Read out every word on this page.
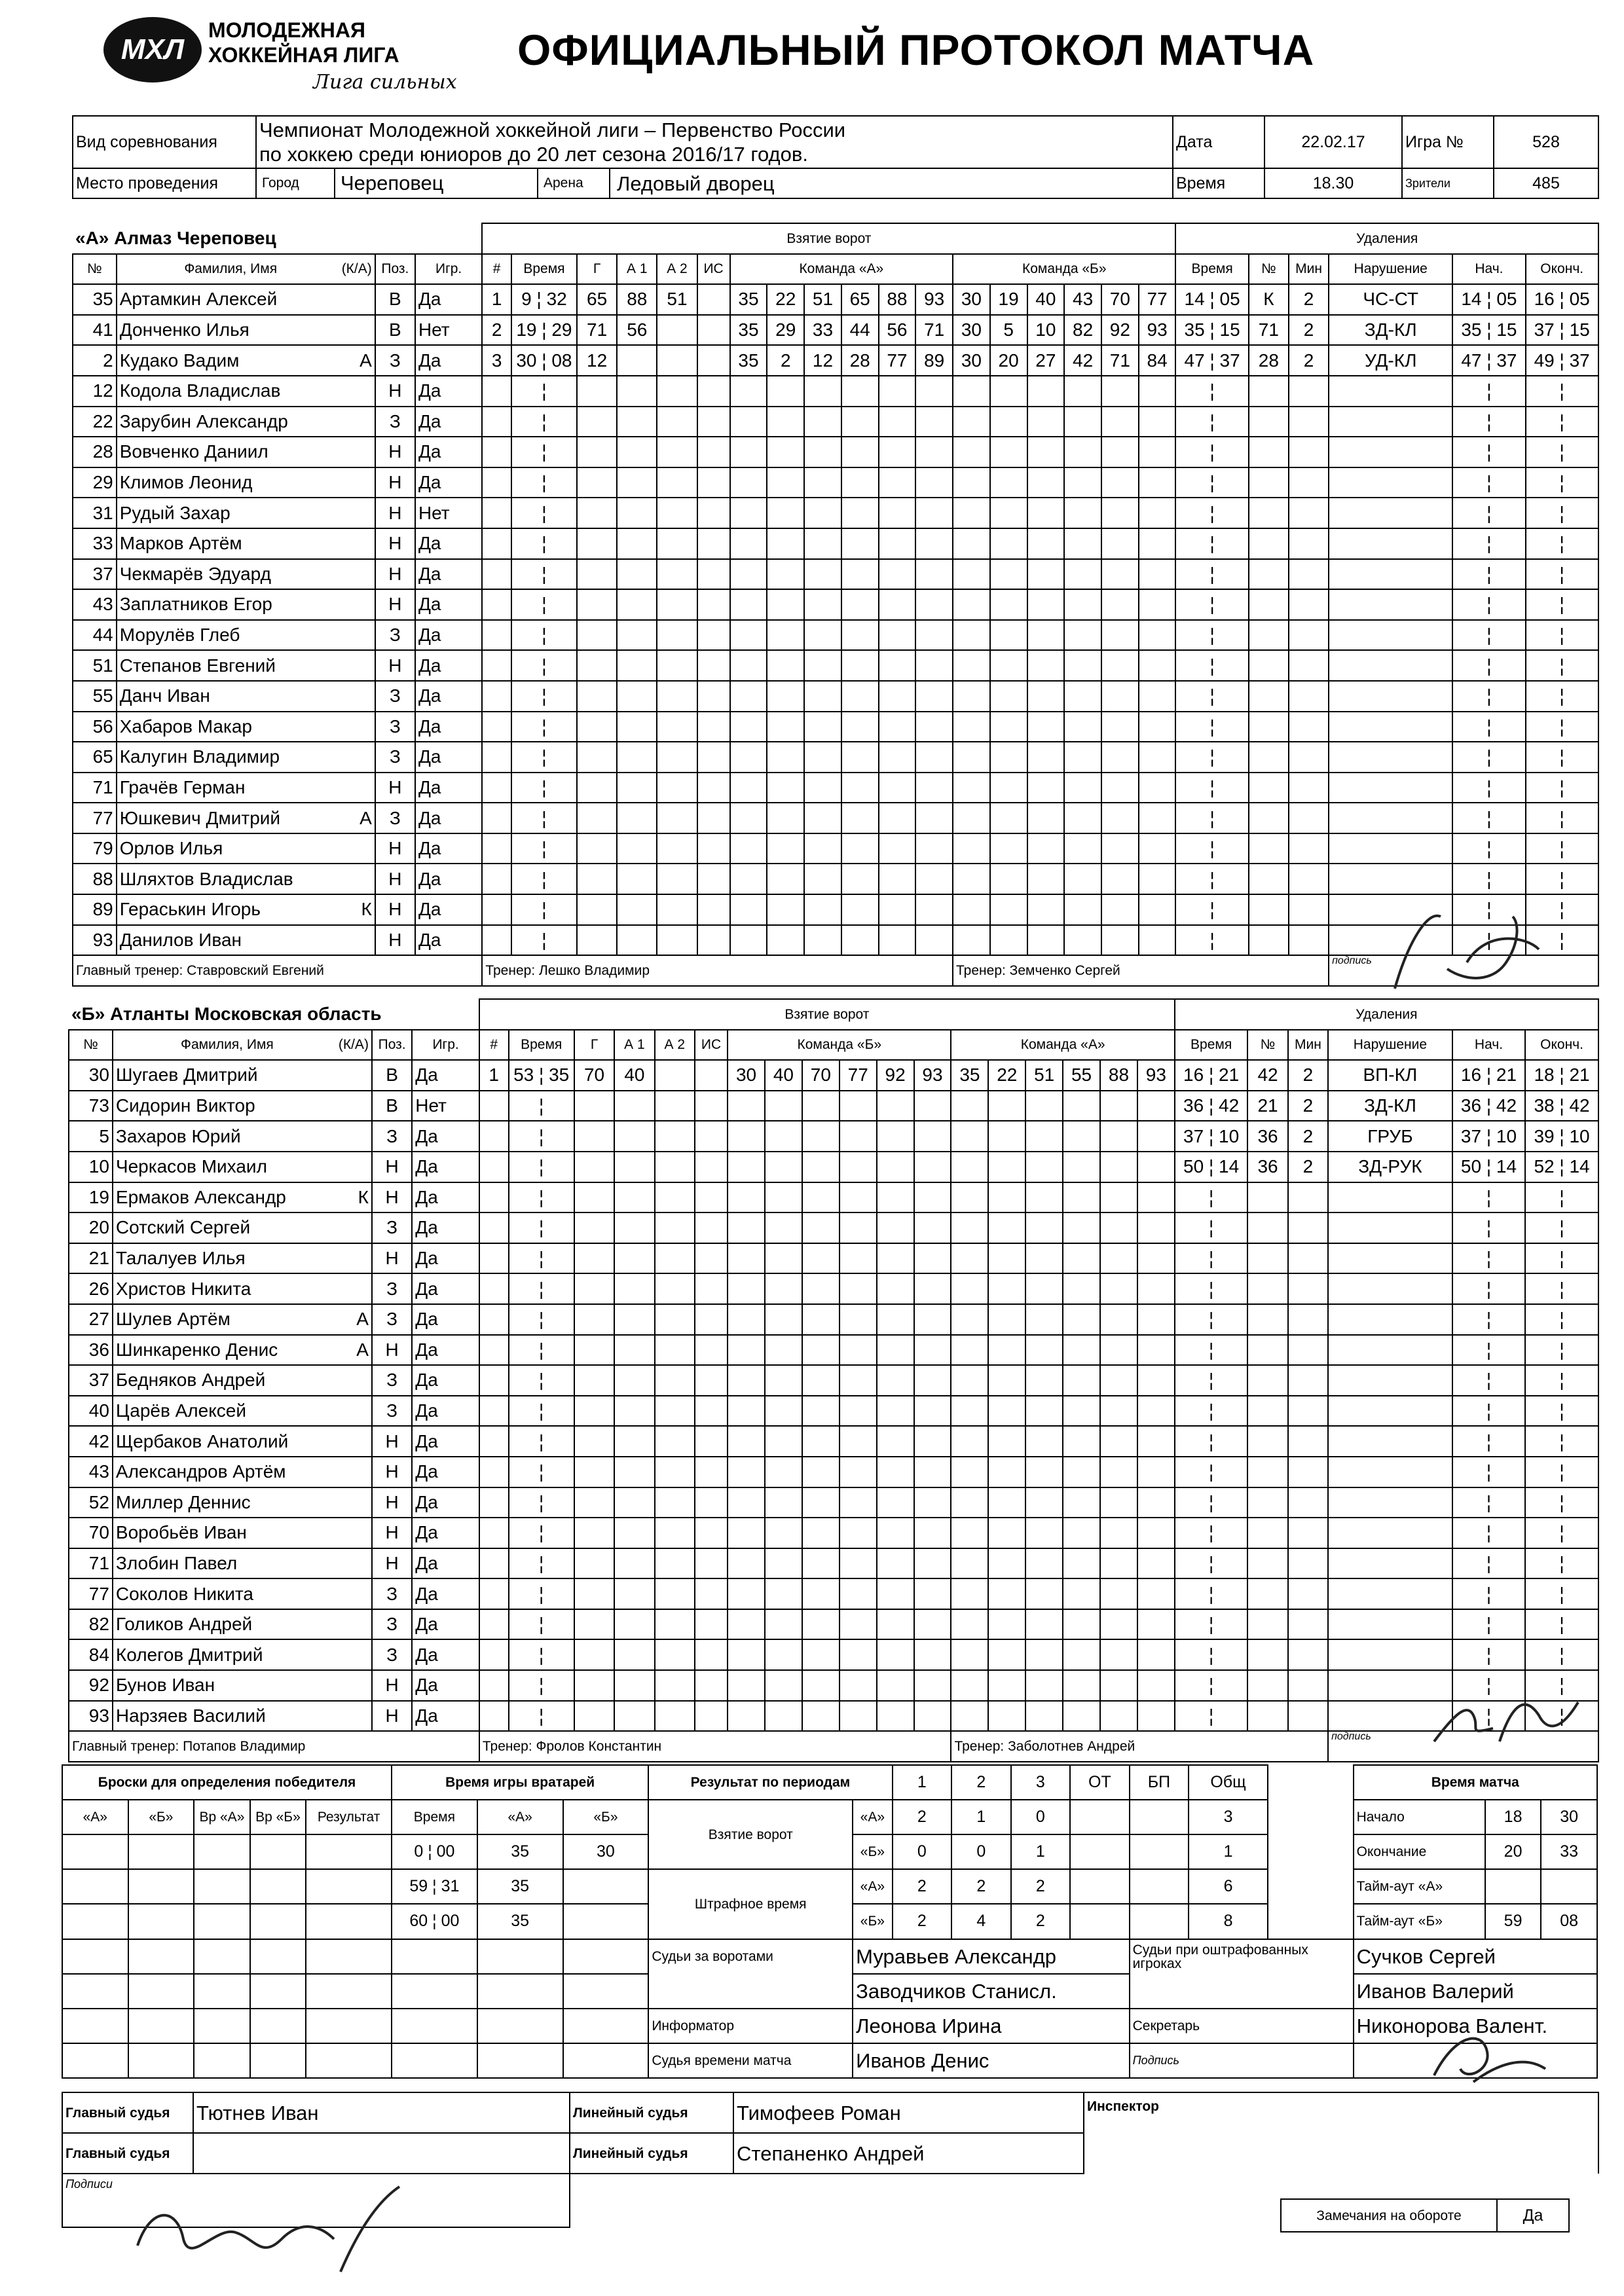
МХЛ
МОЛОДЕЖНАЯ
ХОККЕЙНАЯ ЛИГА
Лига сильных
ОФИЦИАЛЬНЫЙ ПРОТОКОЛ МАТЧА
Вид соревнования	Чемпионат Молодежной хоккейной лиги – Первенство России
по хоккею среди юниоров до 20 лет сезона 2016/17 годов.	Дата	22.02.17	Игра №	528
Место проведения	Город Череповец Арена Ледовый дворец	Время	18.30	Зрители	485
«А» Алмаз Череповец				Взятие ворот																		Удаления					
№	Фамилия, Имя (К/А)	Поз.	Игр.	#	Время	Г	А 1	А 2	ИС	Команда «А»						Команда «Б»						Время	№	Мин	Нарушение	Нач.	Оконч.
35	Артамкин Алексей	В	Да	1	9 ¦ 32	65	88	51		35	22	51	65	88	93	30	19	40	43	70	77	14 ¦ 05	К	2	ЧС-СТ	14 ¦ 05	16 ¦ 05
41	Донченко Илья	В	Нет	2	19 ¦ 29	71	56			35	29	33	44	56	71	30	5	10	82	92	93	35 ¦ 15	71	2	ЗД-КЛ	35 ¦ 15	37 ¦ 15
2	Кудако Вадим А	З	Да	3	30 ¦ 08	12				35	2	12	28	77	89	30	20	27	42	71	84	47 ¦ 37	28	2	УД-КЛ	47 ¦ 37	49 ¦ 37
12	Кодола Владислав	Н	Да		¦																	¦				¦	¦
22	Зарубин Александр	З	Да		¦																	¦				¦	¦
28	Вовченко Даниил	Н	Да		¦																	¦				¦	¦
29	Климов Леонид	Н	Да		¦																	¦				¦	¦
31	Рудый Захар	Н	Нет		¦																	¦				¦	¦
33	Марков Артём	Н	Да		¦																	¦				¦	¦
37	Чекмарёв Эдуард	Н	Да		¦																	¦				¦	¦
43	Заплатников Егор	Н	Да		¦																	¦				¦	¦
44	Морулёв Глеб	З	Да		¦																	¦				¦	¦
51	Степанов Евгений	Н	Да		¦																	¦				¦	¦
55	Данч Иван	З	Да		¦																	¦				¦	¦
56	Хабаров Макар	З	Да		¦																	¦				¦	¦
65	Калугин Владимир	З	Да		¦																	¦				¦	¦
71	Грачёв Герман	Н	Да		¦																	¦				¦	¦
77	Юшкевич Дмитрий А	З	Да		¦																	¦				¦	¦
79	Орлов Илья	Н	Да		¦																	¦				¦	¦
88	Шляхтов Владислав	Н	Да		¦																	¦				¦	¦
89	Гераськин Игорь К	Н	Да		¦																	¦				¦	¦
93	Данилов Иван	Н	Да		¦																	¦				¦	¦
Главный тренер: Ставровский Евгений				Тренер: Лешко Владимир												Тренер: Земченко Сергей									подпись		
«Б» Атланты Московская область				Взятие ворот																		Удаления					
№	Фамилия, Имя (К/А)	Поз.	Игр.	#	Время	Г	А 1	А 2	ИС	Команда «Б»						Команда «А»						Время	№	Мин	Нарушение	Нач.	Оконч.
30	Шугаев Дмитрий	В	Да	1	53 ¦ 35	70	40			30	40	70	77	92	93	35	22	51	55	88	93	16 ¦ 21	42	2	ВП-КЛ	16 ¦ 21	18 ¦ 21
73	Сидорин Виктор	В	Нет		¦																	36 ¦ 42	21	2	ЗД-КЛ	36 ¦ 42	38 ¦ 42
5	Захаров Юрий	З	Да		¦																	37 ¦ 10	36	2	ГРУБ	37 ¦ 10	39 ¦ 10
10	Черкасов Михаил	Н	Да		¦																	50 ¦ 14	36	2	ЗД-РУК	50 ¦ 14	52 ¦ 14
19	Ермаков Александр К	Н	Да		¦																	¦				¦	¦
20	Сотский Сергей	З	Да		¦																	¦				¦	¦
21	Талалуев Илья	Н	Да		¦																	¦				¦	¦
26	Христов Никита	З	Да		¦																	¦				¦	¦
27	Шулев Артём А	З	Да		¦																	¦				¦	¦
36	Шинкаренко Денис А	Н	Да		¦																	¦				¦	¦
37	Бедняков Андрей	З	Да		¦																	¦				¦	¦
40	Царёв Алексей	З	Да		¦																	¦				¦	¦
42	Щербаков Анатолий	Н	Да		¦																	¦				¦	¦
43	Александров Артём	Н	Да		¦																	¦				¦	¦
52	Миллер Деннис	Н	Да		¦																	¦				¦	¦
70	Воробьёв Иван	Н	Да		¦																	¦				¦	¦
71	Злобин Павел	Н	Да		¦																	¦				¦	¦
77	Соколов Никита	З	Да		¦																	¦				¦	¦
82	Голиков Андрей	З	Да		¦																	¦				¦	¦
84	Колегов Дмитрий	З	Да		¦																	¦				¦	¦
92	Бунов Иван	Н	Да		¦																	¦				¦	¦
93	Нарзяев Василий	Н	Да		¦																	¦				¦	¦
Главный тренер: Потапов Владимир				Тренер: Фролов Константин												Тренер: Заболотнев Андрей									подпись		
Броски для определения победителя					Время игры вратарей			Результат по периодам		1	2	3	ОТ	БП	Общ		Время матча		
«А»	«Б»	Вр «А»	Вр «Б»	Результат	Время	«А»	«Б»	Взятие ворот	«А»	2	1	0			3		Начало	18	30
					0 ¦ 00	35	30		«Б»	0	0	1			1		Окончание	20	33
					59 ¦ 31	35		Штрафное время	«А»	2	2	2			6		Тайм-аут «А»		
					60 ¦ 00	35			«Б»	2	4	2			8		Тайм-аут «Б»	59	08
								Судьи за воротами	Муравьев Александр					Судьи при оштрафованных игроках			Сучков Сергей		
									Заводчиков Станисл.								Иванов Валерий		
								Информатор	Леонова Ирина					Секретарь			Никонорова Валент.		
								Судья времени матча	Иванов Денис					Подпись					
Главный судья	Тютнев Иван	Линейный судья	Тимофеев Роман	Инспектор
Главный судья		Линейный судья	Степаненко Андрей	
Подписи				
Замечания на обороте	Да
